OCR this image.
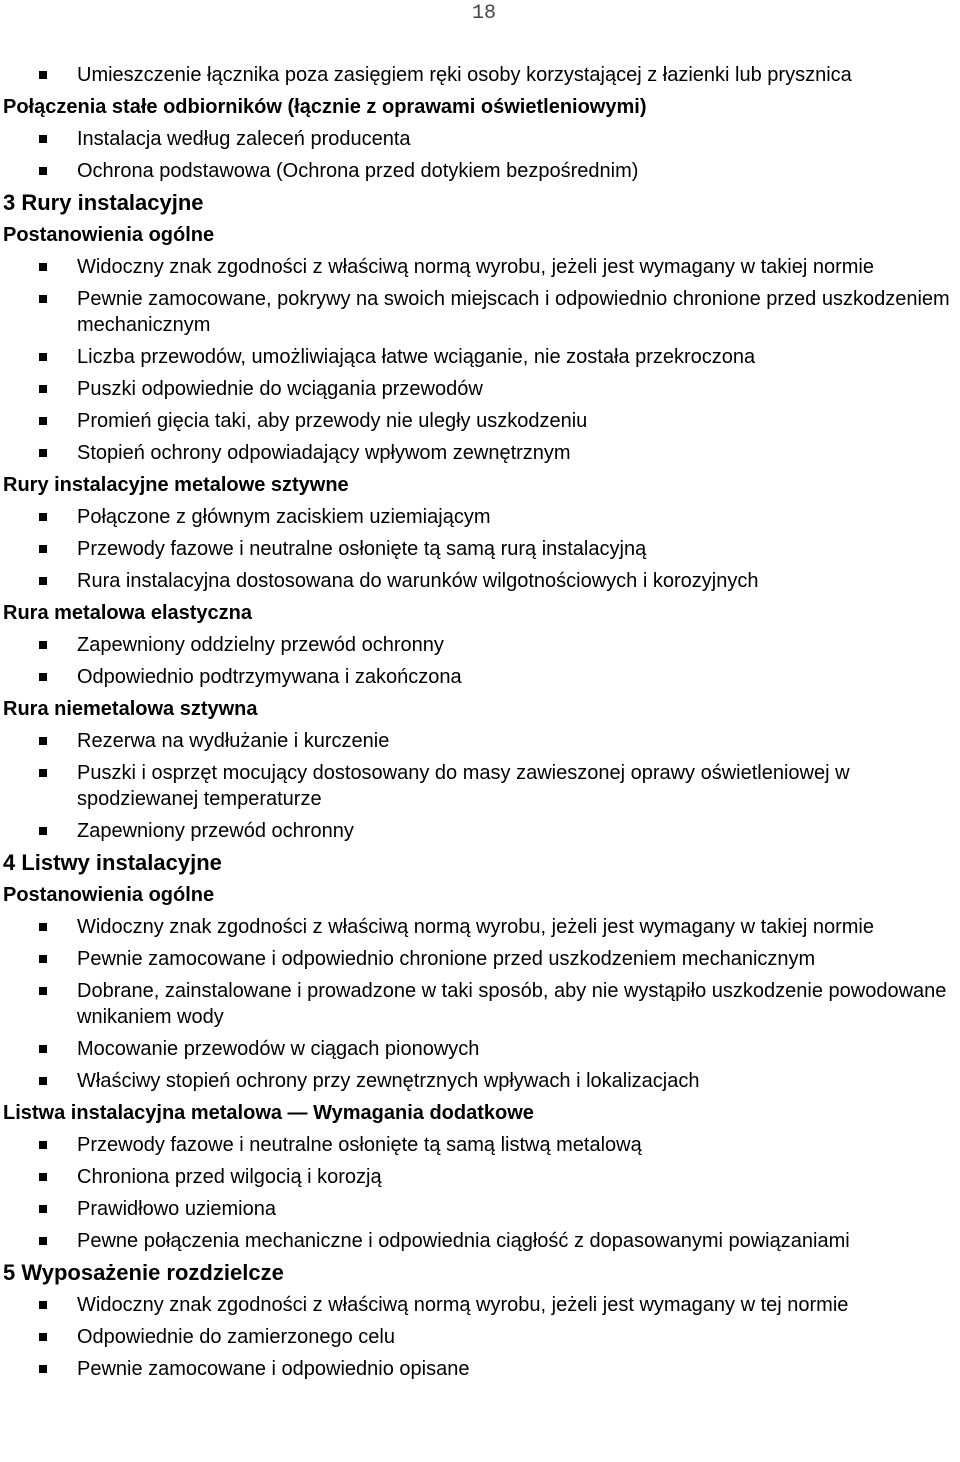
18
Umieszczenie łącznika poza zasięgiem ręki osoby korzystającej z łazienki lub prysznica
Połączenia stałe odbiorników (łącznie z oprawami oświetleniowymi)
Instalacja według zaleceń producenta
Ochrona podstawowa (Ochrona przed dotykiem bezpośrednim)
3 Rury instalacyjne
Postanowienia ogólne
Widoczny znak zgodności z właściwą normą wyrobu, jeżeli jest wymagany w takiej normie
Pewnie zamocowane, pokrywy na swoich miejscach i odpowiednio chronione przed uszkodzeniem mechanicznym
Liczba przewodów, umożliwiająca łatwe wciąganie, nie została przekroczona
Puszki odpowiednie do wciągania przewodów
Promień gięcia taki, aby przewody nie uległy uszkodzeniu
Stopień ochrony odpowiadający wpływom zewnętrznym
Rury instalacyjne metalowe sztywne
Połączone z głównym zaciskiem uziemiającym
Przewody fazowe i neutralne osłonięte tą samą rurą instalacyjną
Rura instalacyjna dostosowana do warunków wilgotnościowych i korozyjnych
Rura metalowa elastyczna
Zapewniony oddzielny przewód ochronny
Odpowiednio podtrzymywana i zakończona
Rura niemetalowa sztywna
Rezerwa na wydłużanie i kurczenie
Puszki i osprzęt mocujący dostosowany do masy zawieszonej oprawy oświetleniowej w spodziewanej temperaturze
Zapewniony przewód ochronny
4 Listwy instalacyjne
Postanowienia ogólne
Widoczny znak zgodności z właściwą normą wyrobu, jeżeli jest wymagany w takiej normie
Pewnie zamocowane i odpowiednio chronione przed uszkodzeniem mechanicznym
Dobrane, zainstalowane i prowadzone w taki sposób, aby nie wystąpiło uszkodzenie powodowane wnikaniem wody
Mocowanie przewodów w ciągach pionowych
Właściwy stopień ochrony przy zewnętrznych wpływach i lokalizacjach
Listwa instalacyjna metalowa — Wymagania dodatkowe
Przewody fazowe i neutralne osłonięte tą samą listwą metalową
Chroniona przed wilgocią i korozją
Prawidłowo uziemiona
Pewne połączenia mechaniczne i odpowiednia ciągłość z dopasowanymi powiązaniami
5 Wyposażenie rozdzielcze
Widoczny znak zgodności z właściwą normą wyrobu, jeżeli jest wymagany w tej normie
Odpowiednie do zamierzonego celu
Pewnie zamocowane i odpowiednio opisane
